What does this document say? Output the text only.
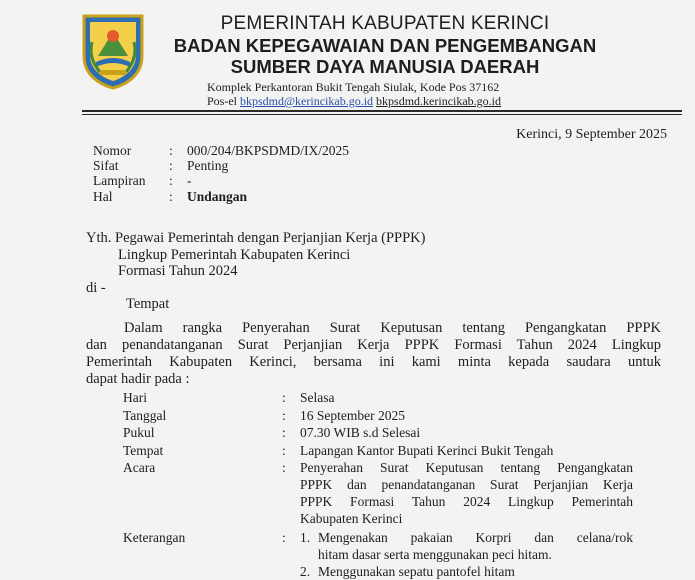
PEMERINTAH KABUPATEN KERINCI
BADAN KEPEGAWAIAN DAN PENGEMBANGAN
SUMBER DAYA MANUSIA DAERAH
Komplek Perkantoran Bukit Tengah Siulak, Kode Pos 37162
Pos-el bkpsdmd@kerincikab.go.id bkpsdmd.kerincikab.go.id
Kerinci, 9 September 2025
Nomor	: 000/204/BKPSDMD/IX/2025
Sifat	: Penting
Lampiran : -
Hal	: Undangan
Yth. Pegawai Pemerintah dengan Perjanjian Kerja (PPPK)
Lingkup Pemerintah Kabupaten Kerinci
Formasi Tahun 2024
di -
Tempat
Dalam rangka Penyerahan Surat Keputusan tentang Pengangkatan PPPK
dan penandatanganan Surat Perjanjian Kerja PPPK Formasi Tahun 2024 Lingkup
Pemerintah Kabupaten Kerinci, bersama ini kami minta kepada saudara untuk
dapat hadir pada :
Hari	: Selasa
Tanggal	: 16 September 2025
Pukul	: 07.30 WIB s.d Selesai
Tempat	: Lapangan Kantor Bupati Kerinci Bukit Tengah
Acara	: Penyerahan Surat Keputusan tentang Pengangkatan
PPPK dan penandatanganan Surat Perjanjian Kerja
PPPK Formasi Tahun 2024 Lingkup Pemerintah
Kabupaten Kerinci
Keterangan	: 1. Mengenakan pakaian Korpri dan celana/rok
hitam dasar serta menggunakan peci hitam.
2. Menggunakan sepatu pantofel hitam
